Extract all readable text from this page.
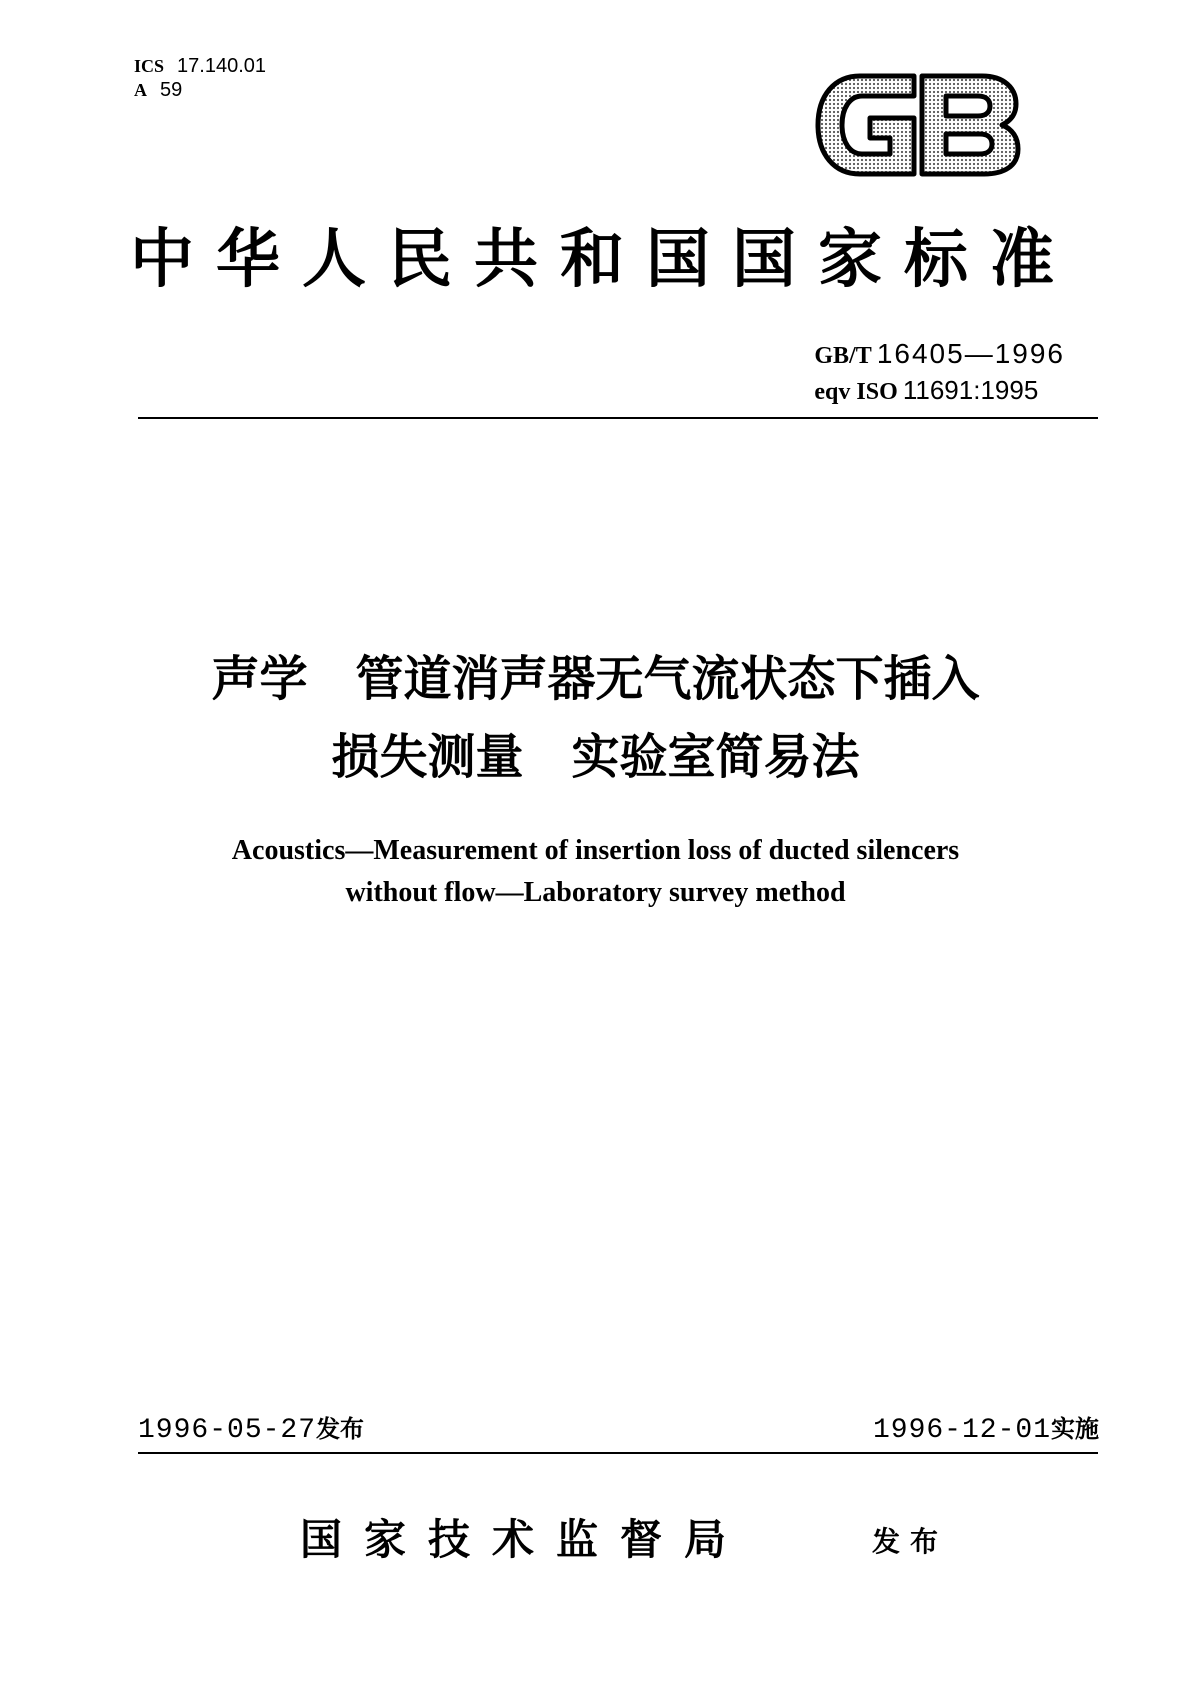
ICS 17.140.01
A 59
GB
中华人民共和国国家标准
GB/T 16405—1996
eqv ISO 11691:1995
声学　管道消声器无气流状态下插入
损失测量　实验室简易法
Acoustics—Measurement of insertion loss of ducted silencers
without flow—Laboratory survey method
1996-05-27发布	1996-12-01实施
国家技术监督局	发布
